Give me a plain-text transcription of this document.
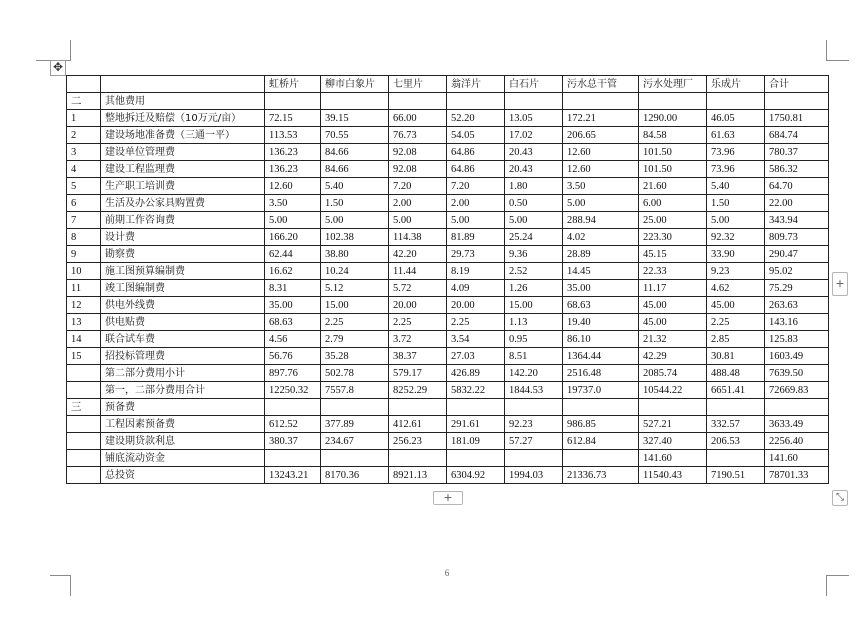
✥
		虹桥片	柳市白象片	七里片	翁洋片	白石片	污水总干管	污水处理厂	乐成片	合计
二	其他费用									
1	整地拆迁及赔偿（10万元/亩）	72.15	39.15	66.00	52.20	13.05	172.21	1290.00	46.05	1750.81
2	建设场地准备费（三通一平）	113.53	70.55	76.73	54.05	17.02	206.65	84.58	61.63	684.74
3	建设单位管理费	136.23	84.66	92.08	64.86	20.43	12.60	101.50	73.96	780.37
4	建设工程监理费	136.23	84.66	92.08	64.86	20.43	12.60	101.50	73.96	586.32
5	生产职工培训费	12.60	5.40	7.20	7.20	1.80	3.50	21.60	5.40	64.70
6	生活及办公家具购置费	3.50	1.50	2.00	2.00	0.50	5.00	6.00	1.50	22.00
7	前期工作咨询费	5.00	5.00	5.00	5.00	5.00	288.94	25.00	5.00	343.94
8	设计费	166.20	102.38	114.38	81.89	25.24	4.02	223.30	92.32	809.73
9	勘察费	62.44	38.80	42.20	29.73	9.36	28.89	45.15	33.90	290.47
10	施工图预算编制费	16.62	10.24	11.44	8.19	2.52	14.45	22.33	9.23	95.02
11	竣工图编制费	8.31	5.12	5.72	4.09	1.26	35.00	11.17	4.62	75.29
12	供电外线费	35.00	15.00	20.00	20.00	15.00	68.63	45.00	45.00	263.63
13	供电贴费	68.63	2.25	2.25	2.25	1.13	19.40	45.00	2.25	143.16
14	联合试车费	4.56	2.79	3.72	3.54	0.95	86.10	21.32	2.85	125.83
15	招投标管理费	56.76	35.28	38.37	27.03	8.51	1364.44	42.29	30.81	1603.49
	第二部分费用小计	897.76	502.78	579.17	426.89	142.20	2516.48	2085.74	488.48	7639.50
	第一，二部分费用合计	12250.32	7557.8	8252.29	5832.22	1844.53	19737.0	10544.22	6651.41	72669.83
三	预备费									
	工程因素预备费	612.52	377.89	412.61	291.61	92.23	986.85	527.21	332.57	3633.49
	建设期贷款利息	380.37	234.67	256.23	181.09	57.27	612.84	327.40	206.53	2256.40
	铺底流动资金							141.60		141.60
	总投资	13243.21	8170.36	8921.13	6304.92	1994.03	21336.73	11540.43	7190.51	78701.33
+
+	⤡
6
